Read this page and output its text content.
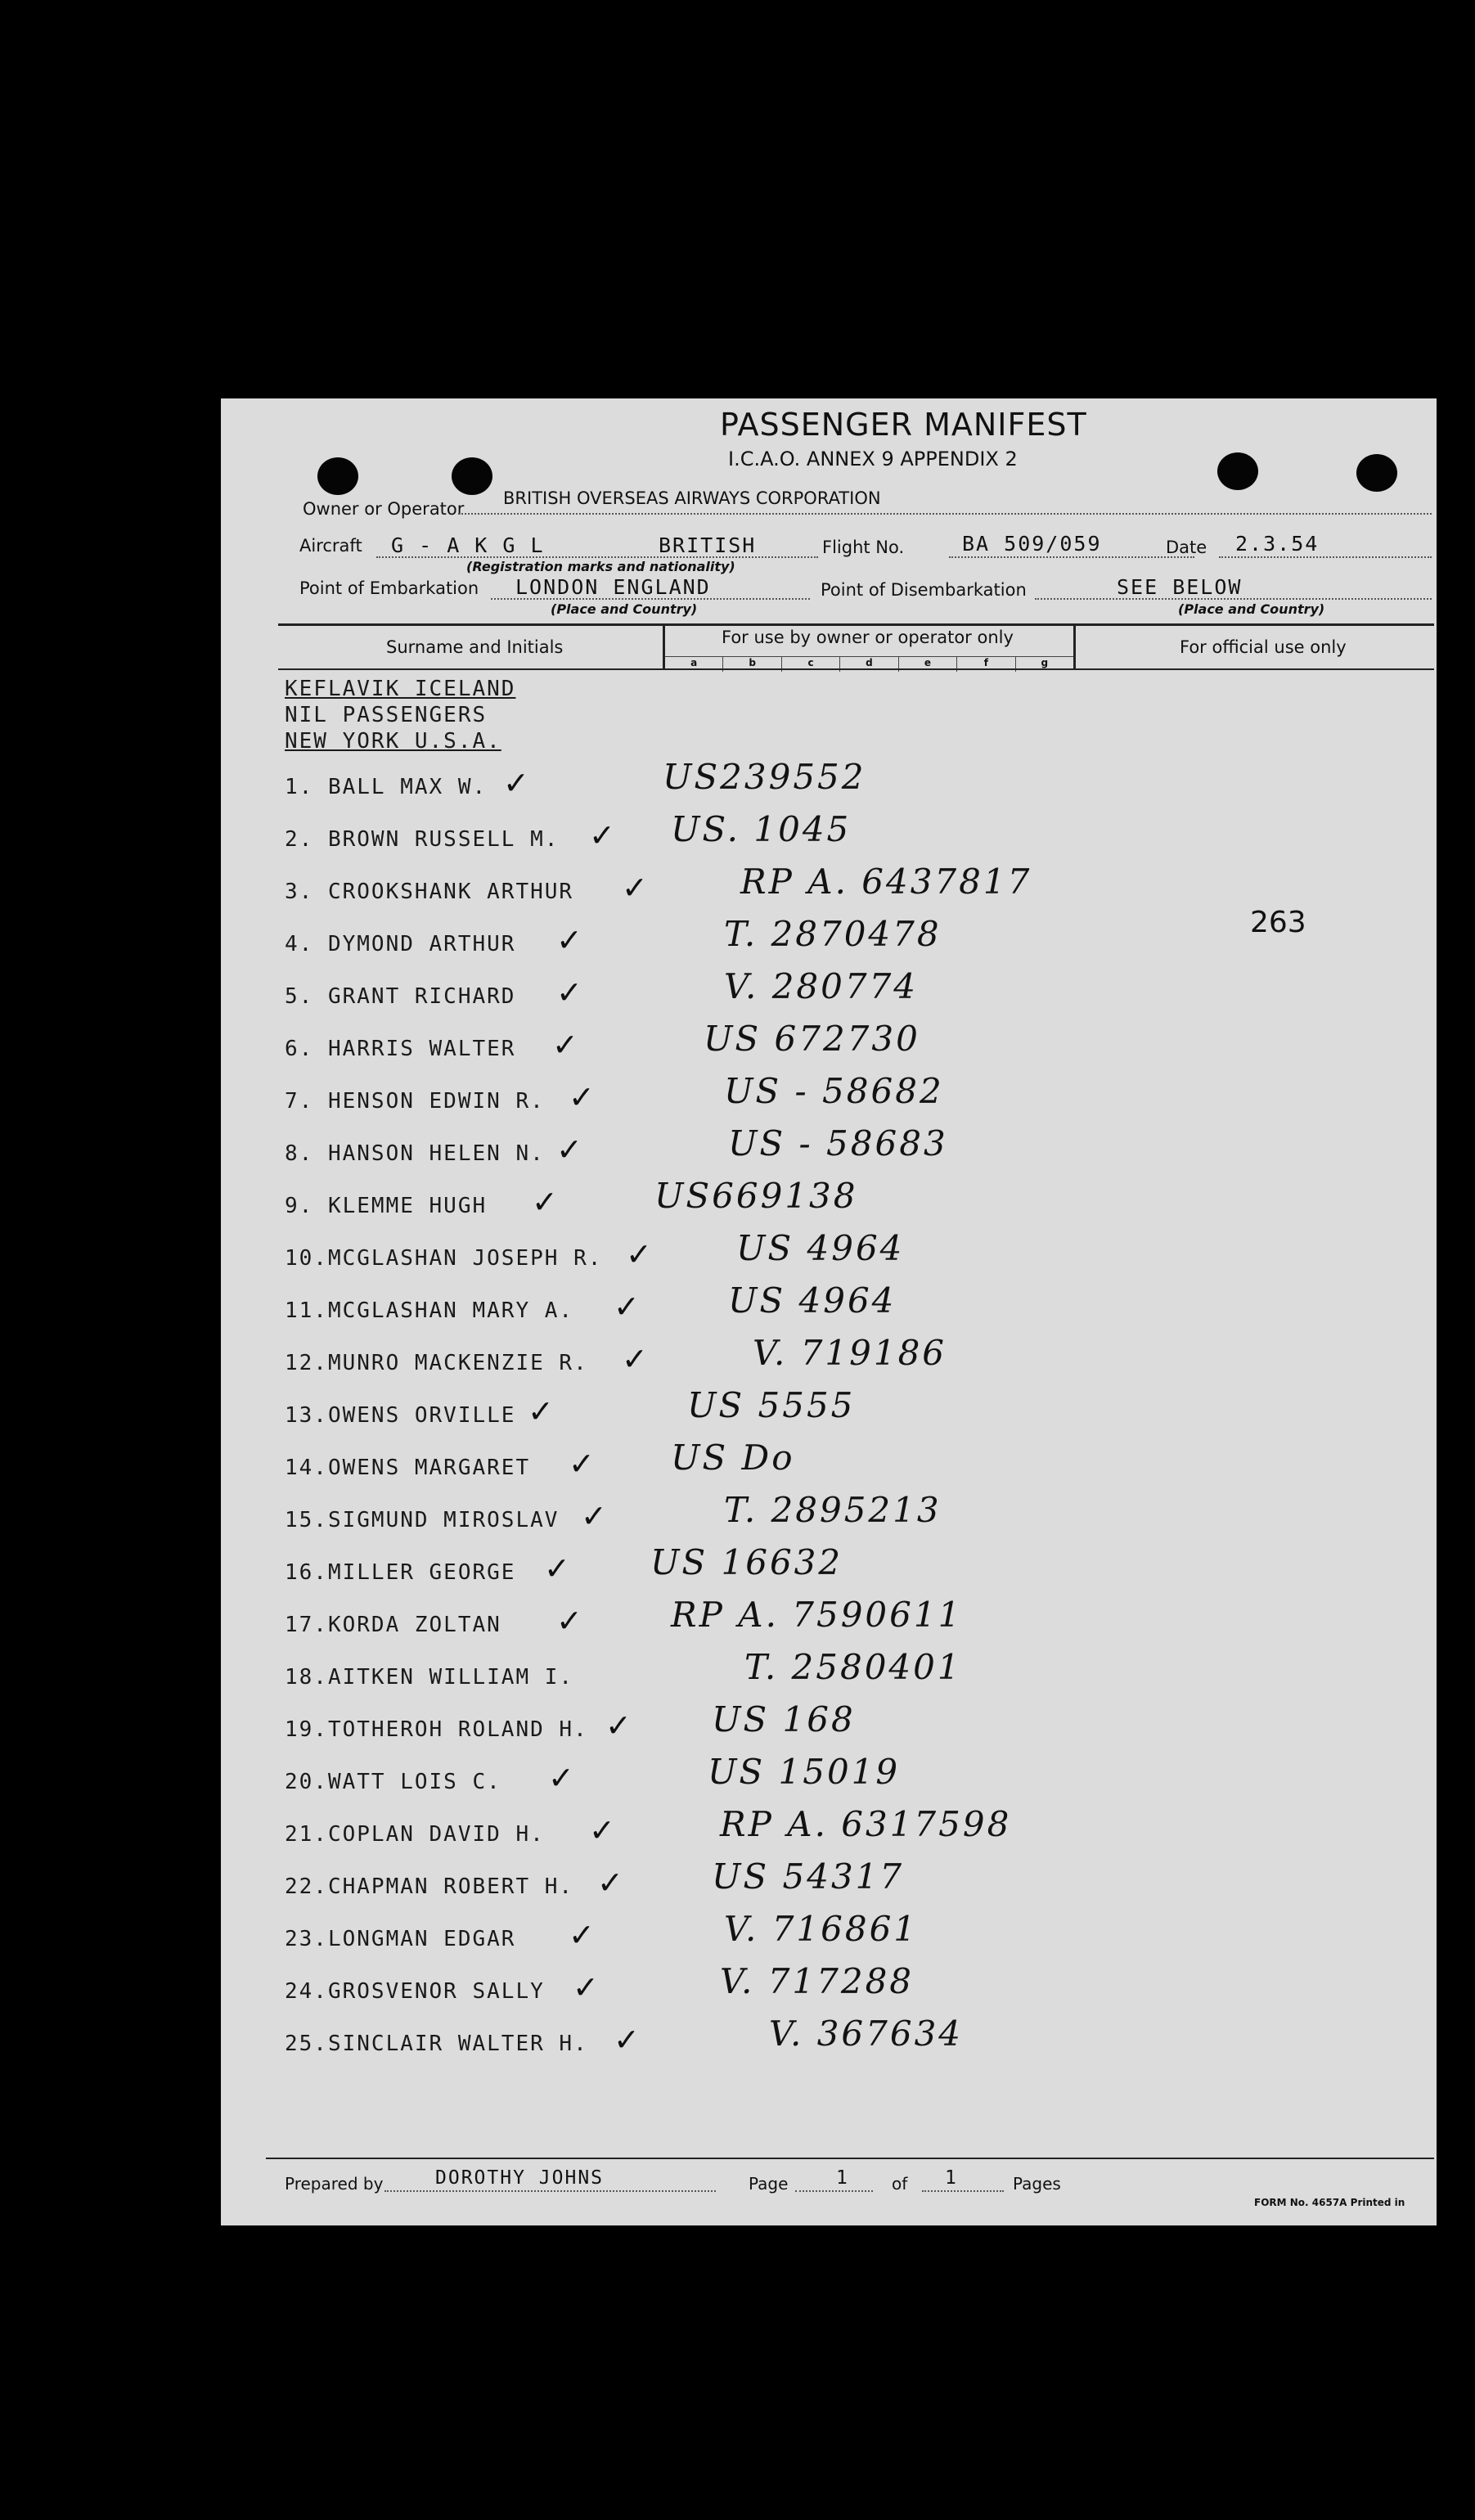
PASSENGER MANIFEST
I.C.A.O. ANNEX 9 APPENDIX 2
Owner or Operator
BRITISH OVERSEAS AIRWAYS CORPORATION
Aircraft G - A K G L	BRITISH
(Registration marks and nationality)
Flight No.	BA 509/059	Date 2.3.54
Point of Embarkation LONDON ENGLAND
(Place and Country)
Point of Disembarkation	SEE BELOW
(Place and Country)
Surname and Initials	For use by owner or operator only	For official use only
a	b	c	d	e	f	g
KEFLAVIK ICELAND
NIL PASSENGERS
NEW YORK U.S.A.
263
1. BALL MAX W. ✓	US239552
2. BROWN RUSSELL M. ✓ US. 1045
3. CROOKSHANK ARTHUR ✓	RP A. 6437817
4. DYMOND ARTHUR ✓	T. 2870478
5. GRANT RICHARD ✓	V. 280774
6. HARRIS WALTER ✓	US 672730
7. HENSON EDWIN R. ✓	US - 58682
8. HANSON HELEN N. ✓	US - 58683
9. KLEMME HUGH ✓	US669138
10.MCGLASHAN JOSEPH R. ✓ US 4964
11.MCGLASHAN MARY A. ✓	US 4964
12.MUNRO MACKENZIE R. ✓	V. 719186
13.OWENS ORVILLE ✓	US 5555
14.OWENS MARGARET ✓ US Do
15.SIGMUND MIROSLAV ✓	T. 2895213
16.MILLER GEORGE ✓ US 16632
17.KORDA ZOLTAN ✓	RP A. 7590611
18.AITKEN WILLIAM I.	T. 2580401
19.TOTHEROH ROLAND H. ✓ US 168
20.WATT LOIS C. ✓	US 15019
21.COPLAN DAVID H. ✓	RP A. 6317598
22.CHAPMAN ROBERT H. ✓	US 54317
23.LONGMAN EDGAR ✓	V. 716861
24.GROSVENOR SALLY ✓	V. 717288
25.SINCLAIR WALTER H. ✓	V. 367634
Prepared by	DOROTHY JOHNS	Page	1	of 1	Pages
FORM No. 4657A Printed in
